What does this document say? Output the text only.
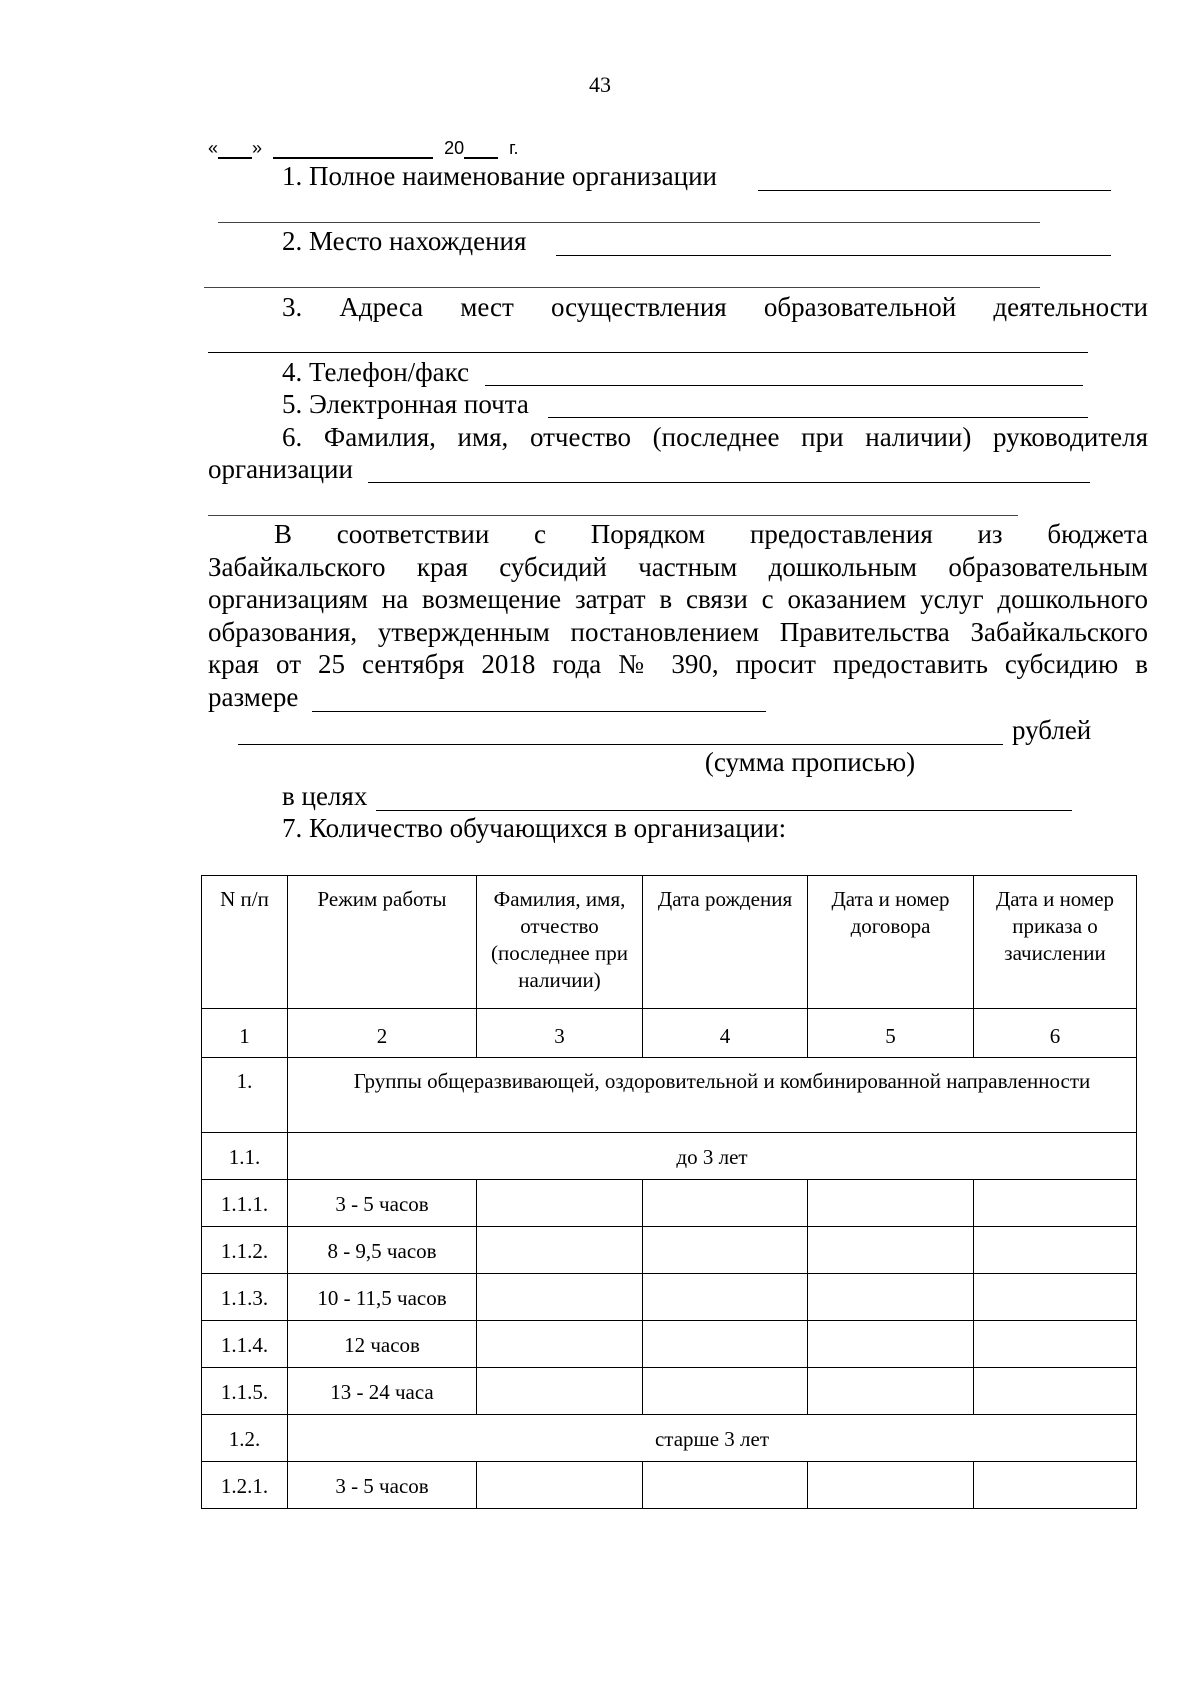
43
« »	20	г.
1. Полное наименование организации
2. Место нахождения
3. Адреса мест осуществления образовательной деятельности
4. Телефон/факс
5. Электронная почта
6. Фамилия, имя, отчество (последнее при наличии) руководителя
организации
В соответствии с Порядком предоставления из бюджета
Забайкальского края субсидий частным дошкольным образовательным
организациям на возмещение затрат в связи с оказанием услуг дошкольного
образования, утвержденным постановлением Правительства Забайкальского
края от 25 сентября 2018 года № 390, просит предоставить субсидию в
размере
рублей
(сумма прописью)
в целях
7. Количество обучающихся в организации:
N п/п	Режим работы	Фамилия, имя, отчество (последнее при наличии)	Дата рождения	Дата и номер договора	Дата и номер приказа о зачислении
1	2	3	4	5	6
1.	Группы общеразвивающей, оздоровительной и комбинированной направленности				
1.1.	до 3 лет				
1.1.1.	3 - 5 часов				
1.1.2.	8 - 9,5 часов				
1.1.3.	10 - 11,5 часов				
1.1.4.	12 часов				
1.1.5.	13 - 24 часа				
1.2.	старше 3 лет				
1.2.1.	3 - 5 часов				
